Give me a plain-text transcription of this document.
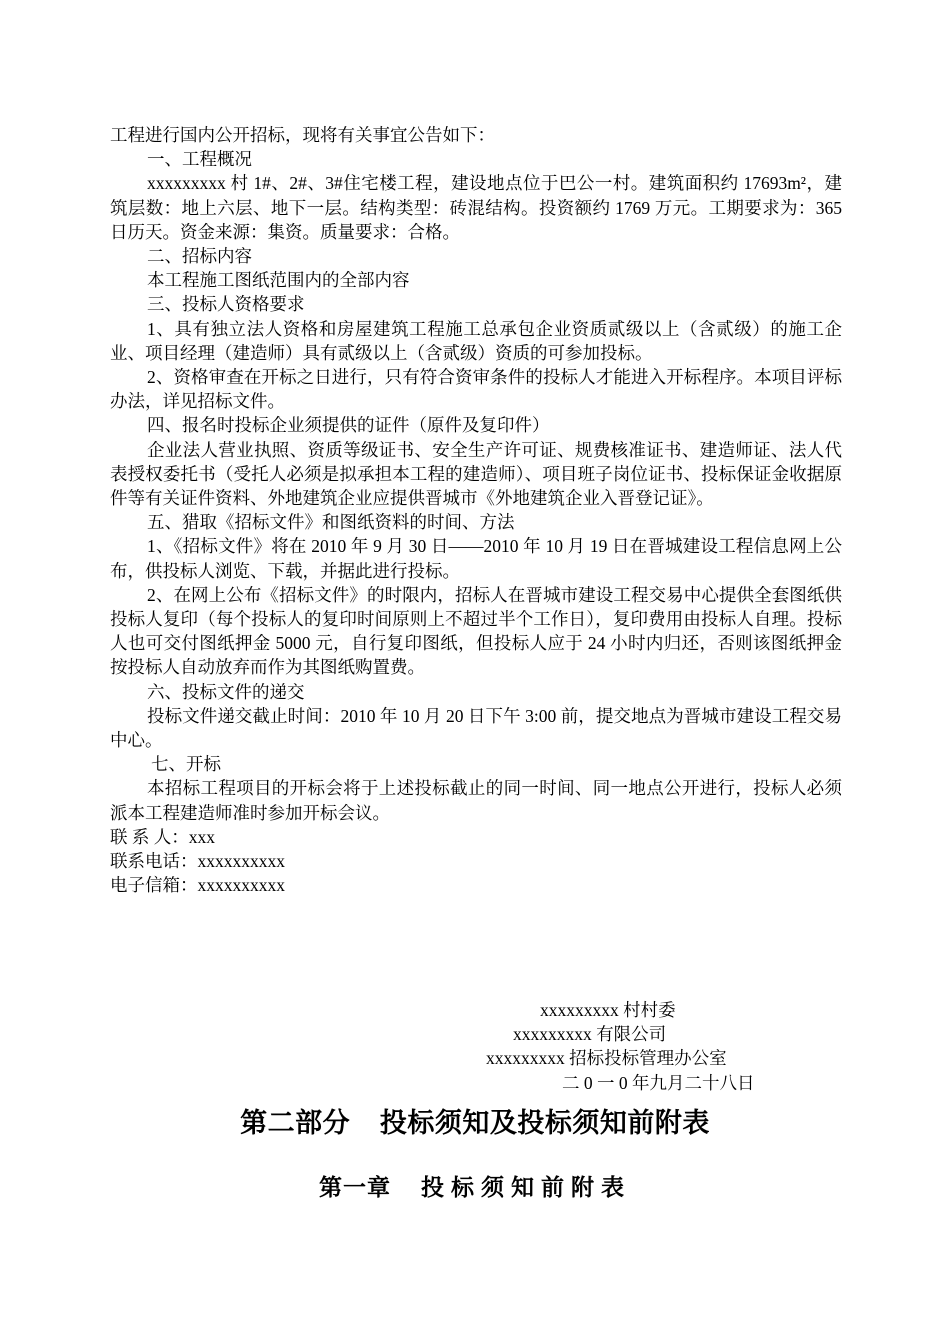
工程进行国内公开招标，现将有关事宜公告如下：

一、工程概况

xxxxxxxxx 村 1#、2#、3#住宅楼工程，建设地点位于巴公一村。建筑面积约 17693m²，建筑层数：地上六层、地下一层。结构类型：砖混结构。投资额约 1769 万元。工期要求为：365 日历天。资金来源：集资。质量要求：合格。

二、招标内容

本工程施工图纸范围内的全部内容

三、投标人资格要求

1、具有独立法人资格和房屋建筑工程施工总承包企业资质贰级以上（含贰级）的施工企业、项目经理（建造师）具有贰级以上（含贰级）资质的可参加投标。

2、资格审查在开标之日进行，只有符合资审条件的投标人才能进入开标程序。本项目评标办法，详见招标文件。

四、报名时投标企业须提供的证件（原件及复印件）

企业法人营业执照、资质等级证书、安全生产许可证、规费核准证书、建造师证、法人代表授权委托书（受托人必须是拟承担本工程的建造师）、项目班子岗位证书、投标保证金收据原件等有关证件资料、外地建筑企业应提供晋城市《外地建筑企业入晋登记证》。

五、猎取《招标文件》和图纸资料的时间、方法

1、《招标文件》将在 2010 年 9 月 30 日——2010 年 10 月 19 日在晋城建设工程信息网上公布，供投标人浏览、下载，并据此进行投标。

2、在网上公布《招标文件》的时限内，招标人在晋城市建设工程交易中心提供全套图纸供投标人复印（每个投标人的复印时间原则上不超过半个工作日），复印费用由投标人自理。投标人也可交付图纸押金 5000 元，自行复印图纸，但投标人应于 24 小时内归还，否则该图纸押金按投标人自动放弃而作为其图纸购置费。

六、投标文件的递交

投标文件递交截止时间：2010 年 10 月 20 日下午 3:00 前，提交地点为晋城市建设工程交易中心。

七、开标

本招标工程项目的开标会将于上述投标截止的同一时间、同一地点公开进行，投标人必须派本工程建造师准时参加开标会议。

联 系 人：xxx

联系电话：xxxxxxxxxx

电子信箱：xxxxxxxxxx

xxxxxxxxx 村村委
xxxxxxxxx 有限公司
xxxxxxxxx 招标投标管理办公室
二 0 一 0 年九月二十八日
第二部分   投标须知及投标须知前附表
第一章 投标须知前附表
